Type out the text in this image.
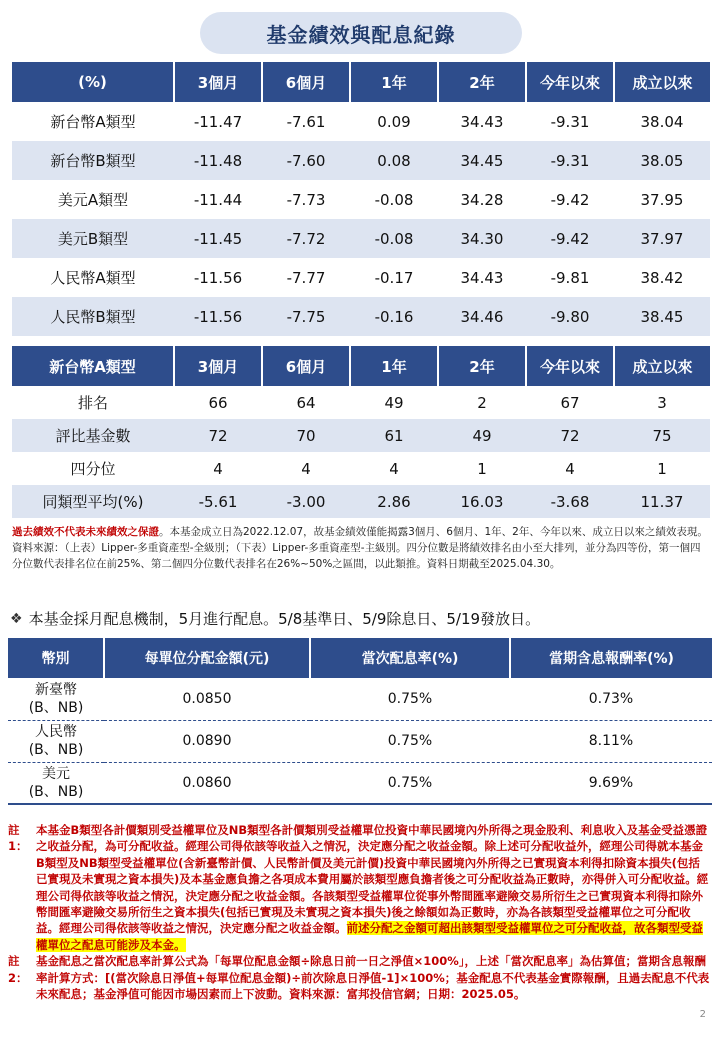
基金績效與配息紀錄
(%)	3個月	6個月	1年	2年	今年以來	成立以來
新台幣A類型	-11.47	-7.61	0.09	34.43	-9.31	38.04
新台幣B類型	-11.48	-7.60	0.08	34.45	-9.31	38.05
美元A類型	-11.44	-7.73	-0.08	34.28	-9.42	37.95
美元B類型	-11.45	-7.72	-0.08	34.30	-9.42	37.97
人民幣A類型	-11.56	-7.77	-0.17	34.43	-9.81	38.42
人民幣B類型	-11.56	-7.75	-0.16	34.46	-9.80	38.45
新台幣A類型	3個月	6個月	1年	2年	今年以來	成立以來
排名	66	64	49	2	67	3
評比基金數	72	70	61	49	72	75
四分位	4	4	4	1	4	1
同類型平均(%)	-5.61	-3.00	2.86	16.03	-3.68	11.37
過去績效不代表未來績效之保證。本基金成立日為2022.12.07，故基金績效僅能揭露3個月、6個月、1年、2年、今年以來、成立日以來之績效表現。資料來源：（上表）Lipper-多重資產型-全級別；（下表）Lipper-多重資產型-主級別。四分位數是將績效排名由小至大排列，並分為四等份，第一個四分位數代表排名位在前25%、第二個四分位數代表排名在26%~50%之區間，以此類推。資料日期截至2025.04.30。
❖ 本基金採月配息機制，5月進行配息。5/8基準日、5/9除息日、5/19發放日。
幣別	每單位分配金額(元)	當次配息率(%)	當期含息報酬率(%)

新臺幣
(B、NB)	0.0850	0.75%	0.73%

人民幣
(B、NB)	0.0890	0.75%	8.11%

美元
(B、NB)	0.0860	0.75%	9.69%
註1：
本基金B類型各計價類別受益權單位及NB類型各計價類別受益權單位投資中華民國境內外所得之現金股利、利息收入及基金受益憑證 之收益分配，為可分配收益。經理公司得依該等收益入之情況，決定應分配之收益金額。除上述可分配收益外，經理公司得就本基金B類型及NB類型受益權單位(含新臺幣計價、人民幣計價及美元計價)投資中華民國境內外所得之已實現資本利得扣除資本損失(包括已實現及未實現之資本損失)及本基金應負擔之各項成本費用屬於該類型應負擔者後之可分配收益為正數時，亦得併入可分配收益。經理公司得依該等收益之情況，決定應分配之收益金額。各該類型受益權單位從事外幣間匯率避險交易所衍生之已實現資本利得扣除外幣間匯率避險交易所衍生之資本損失(包括已實現及未實現之資本損失)後之餘額如為正數時，亦為各該類型受益權單位之可分配收益。經理公司得依該等收益之情況，決定應分配之收益金額。前述分配之金額可超出該類型受益權單位之可分配收益，故各類型受益權單位之配息可能涉及本金。
註2：
基金配息之當次配息率計算公式為「每單位配息金額÷除息日前一日之淨值×100%」，上述「當次配息率」為估算值；當期含息報酬率計算方式：[(當次除息日淨值+每單位配息金額)÷前次除息日淨值-1]×100%；基金配息不代表基金實際報酬，且過去配息不代表未來配息；基金淨值可能因市場因素而上下波動。資料來源：富邦投信官網；日期：2025.05。
2
